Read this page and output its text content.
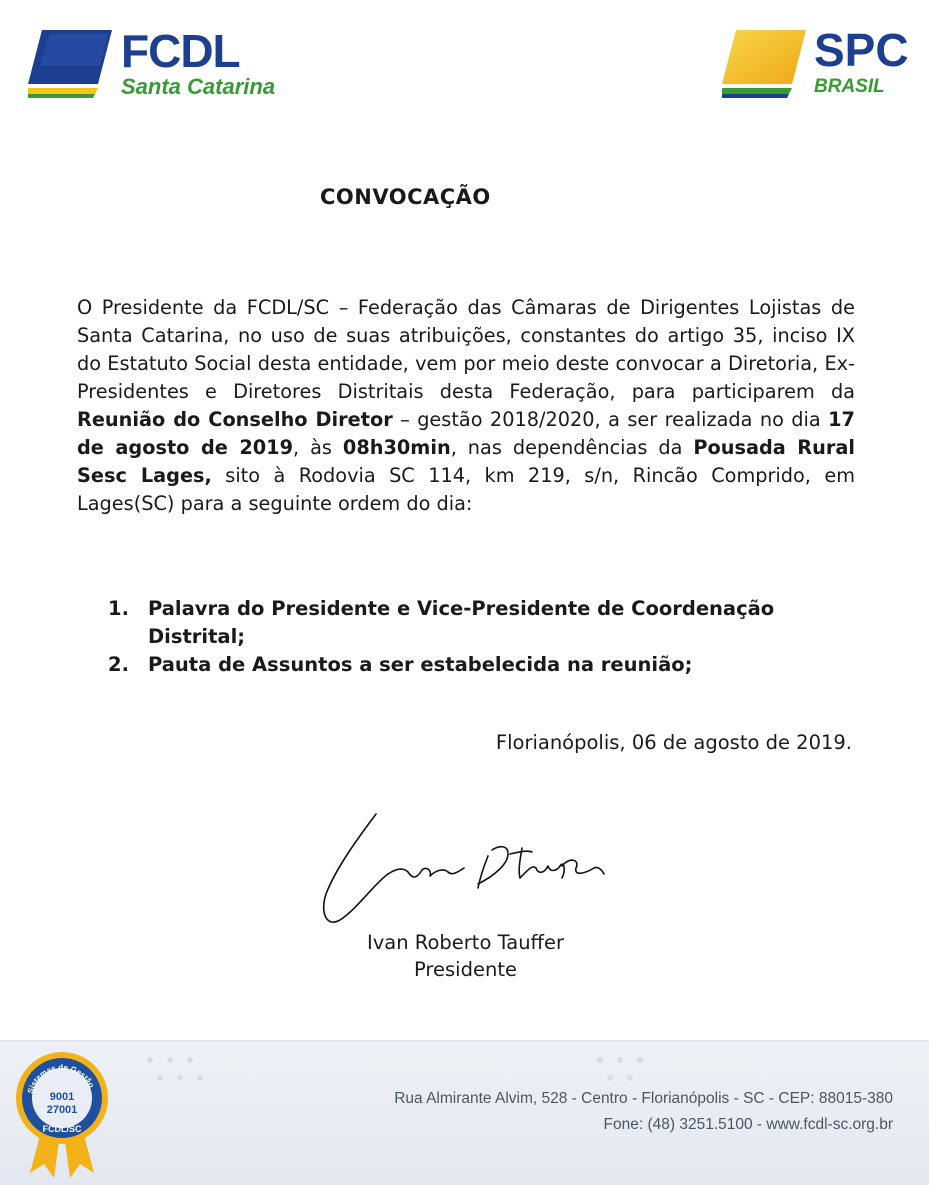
FCDL
Santa Catarina
SPC
BRASIL
CONVOCAÇÃO
O Presidente da FCDL/SC – Federação das Câmaras de Dirigentes Lojistas de Santa Catarina, no uso de suas atribuições, constantes do artigo 35, inciso IX do Estatuto Social desta entidade, vem por meio deste convocar a Diretoria, Ex-Presidentes e Diretores Distritais desta Federação, para participarem da Reunião do Conselho Diretor – gestão 2018/2020, a ser realizada no dia 17 de agosto de 2019, às 08h30min, nas dependências da Pousada Rural Sesc Lages, sito à Rodovia SC 114, km 219, s/n, Rincão Comprido, em Lages(SC) para a seguinte ordem do dia:
1. Palavra do Presidente e Vice-Presidente de Coordenação Distrital;
2. Pauta de Assuntos a ser estabelecida na reunião;
Florianópolis, 06 de agosto de 2019.
Ivan Roberto Tauffer
Presidente
Sistemas de Gestão
9001
27001
FCDL/SC
Rua Almirante Alvim, 528 - Centro - Florianópolis - SC - CEP: 88015-380
Fone: (48) 3251.5100 - www.fcdl-sc.org.br
